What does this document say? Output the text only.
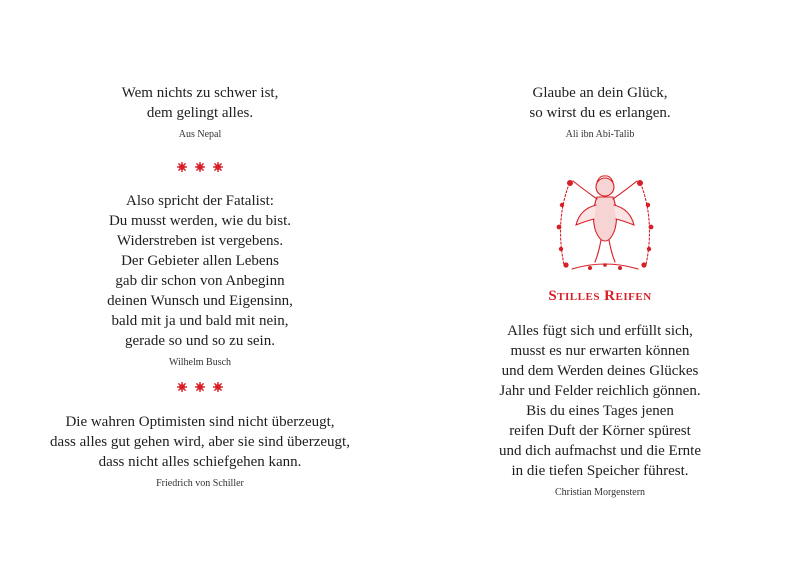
Wem nichts zu schwer ist,
dem gelingt alles.
Aus Nepal
Also spricht der Fatalist:
Du musst werden, wie du bist.
Widerstreben ist vergebens.
Der Gebieter allen Lebens
gab dir schon von Anbeginn
deinen Wunsch und Eigensinn,
bald mit ja und bald mit nein,
gerade so und so zu sein.
Wilhelm Busch
Die wahren Optimisten sind nicht überzeugt,
dass alles gut gehen wird, aber sie sind überzeugt,
dass nicht alles schiefgehen kann.
Friedrich von Schiller
Glaube an dein Glück,
so wirst du es erlangen.
Ali ibn Abi-Talib
Stilles Reifen
Alles fügt sich und erfüllt sich,
musst es nur erwarten können
und dem Werden deines Glückes
Jahr und Felder reichlich gönnen.
Bis du eines Tages jenen
reifen Duft der Körner spürest
und dich aufmachst und die Ernte
in die tiefen Speicher führest.
Christian Morgenstern
